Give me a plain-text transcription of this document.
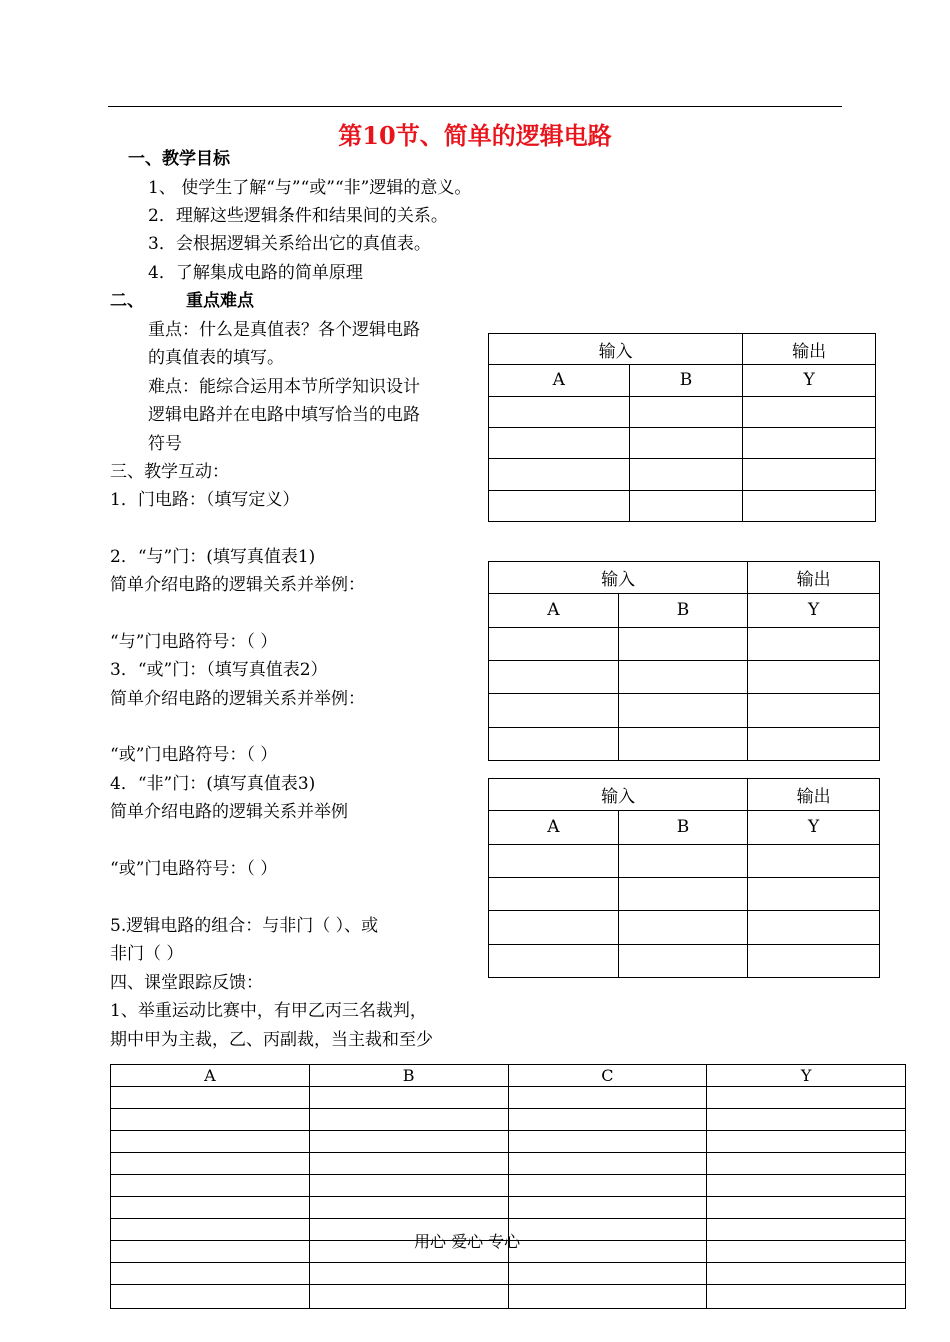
第10节、简单的逻辑电路
一、教学目标
1、 使学生了解“与”“或”“非”逻辑的意义。
2．理解这些逻辑条件和结果间的关系。
3．会根据逻辑关系给出它的真值表。
4．了解集成电路的简单原理
二、 重点难点
重点：什么是真值表？各个逻辑电路
的真值表的填写。
难点：能综合运用本节所学知识设计
逻辑电路并在电路中填写恰当的电路
符号
三、教学互动：
1．门电路：（填写定义）
2．“与”门：(填写真值表1)
简单介绍电路的逻辑关系并举例：
“与”门电路符号：（ ）
3．“或”门：（填写真值表2）
简单介绍电路的逻辑关系并举例：
“或”门电路符号：（ ）
4．“非”门：(填写真值表3)
简单介绍电路的逻辑关系并举例
“或”门电路符号：（ ）
5.逻辑电路的组合：与非门（ ）、或
非门（ ）
四、课堂跟踪反馈：
1、举重运动比赛中，有甲乙丙三名裁判，
期中甲为主裁，乙、丙副裁，当主裁和至少
输入		输出
A	B	Y

输入		输出
A	B	Y

输入		输出
A	B	Y

A	B	C	Y

用心 爱心 专心
